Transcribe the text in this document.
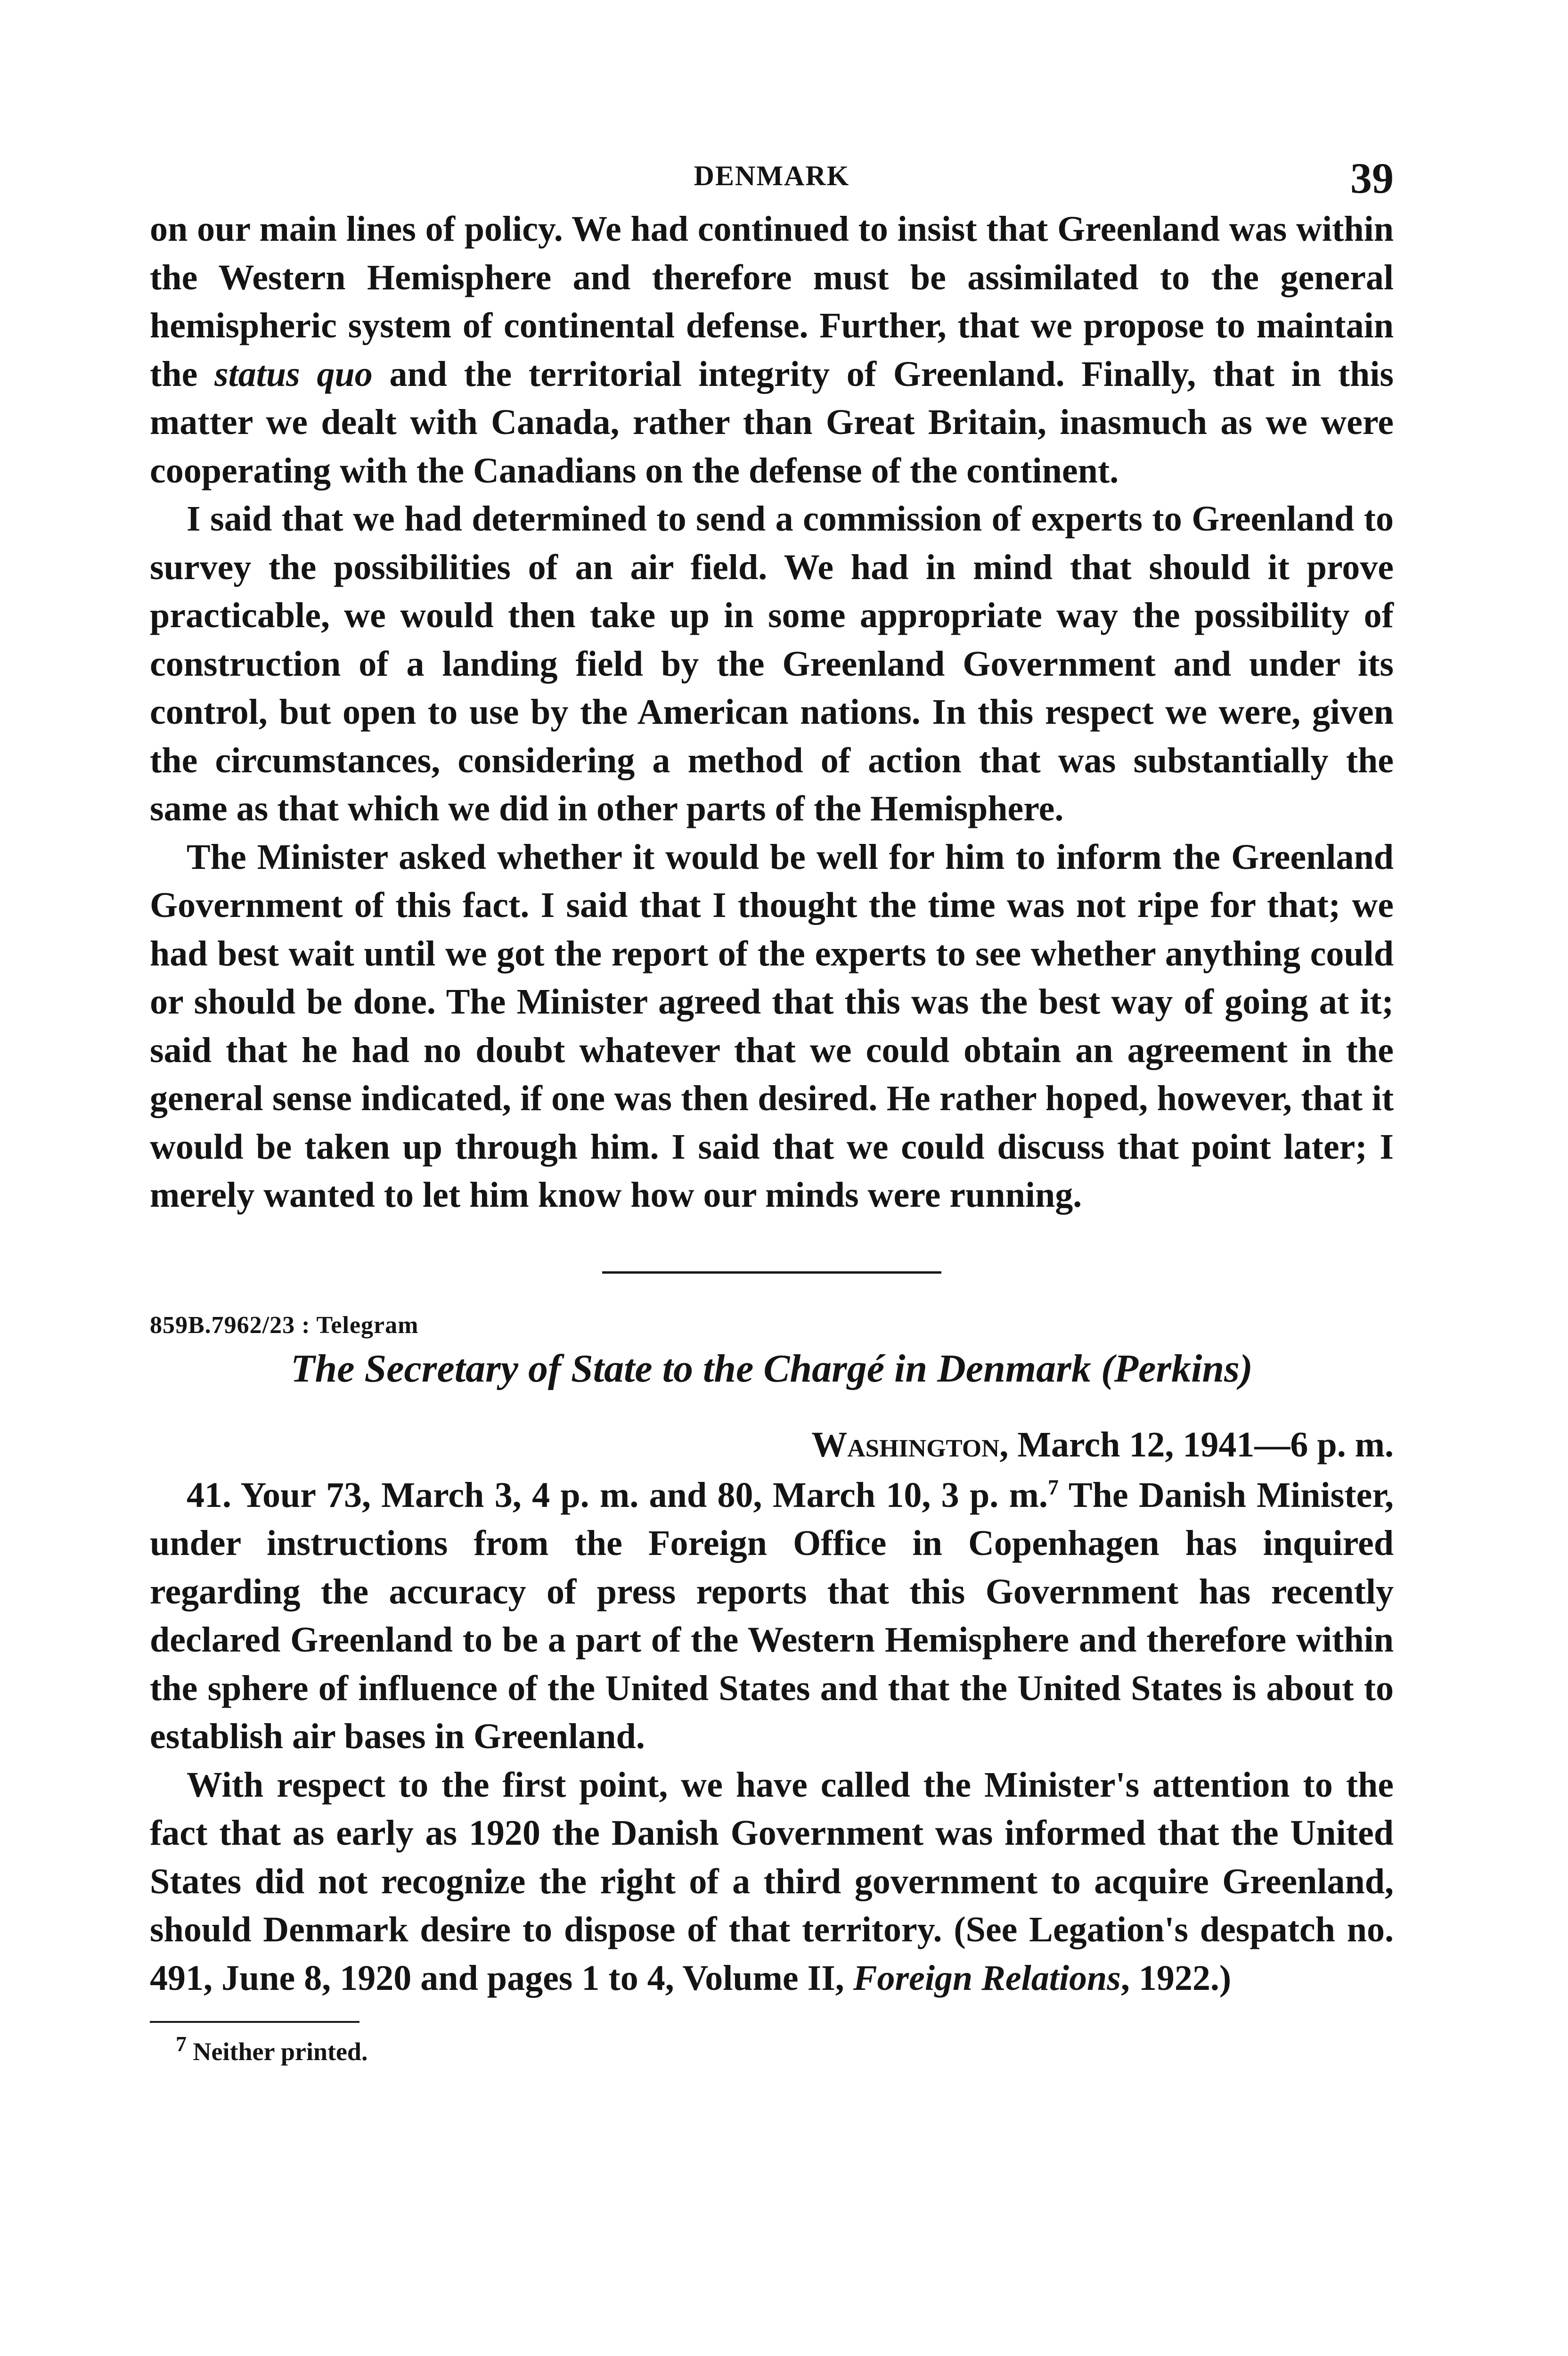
DENMARK	39

on our main lines of policy. We had continued to insist that Greenland was within the Western Hemisphere and therefore must be assimilated to the general hemispheric system of continental defense. Further, that we propose to maintain the status quo and the territorial integrity of Greenland. Finally, that in this matter we dealt with Canada, rather than Great Britain, inasmuch as we were cooperating with the Canadians on the defense of the continent.

I said that we had determined to send a commission of experts to Greenland to survey the possibilities of an air field. We had in mind that should it prove practicable, we would then take up in some appropriate way the possibility of construction of a landing field by the Greenland Government and under its control, but open to use by the American nations. In this respect we were, given the circumstances, considering a method of action that was substantially the same as that which we did in other parts of the Hemisphere.

The Minister asked whether it would be well for him to inform the Greenland Government of this fact. I said that I thought the time was not ripe for that; we had best wait until we got the report of the experts to see whether anything could or should be done. The Minister agreed that this was the best way of going at it; said that he had no doubt whatever that we could obtain an agreement in the general sense indicated, if one was then desired. He rather hoped, however, that it would be taken up through him. I said that we could discuss that point later; I merely wanted to let him know how our minds were running.

859B.7962/23 : Telegram
The Secretary of State to the Chargé in Denmark (Perkins)
Washington, March 12, 1941—6 p. m.

41. Your 73, March 3, 4 p. m. and 80, March 10, 3 p. m.$^7$ The Danish Minister, under instructions from the Foreign Office in Copenhagen has inquired regarding the accuracy of press reports that this Government has recently declared Greenland to be a part of the Western Hemisphere and therefore within the sphere of influence of the United States and that the United States is about to establish air bases in Greenland.

With respect to the first point, we have called the Minister's attention to the fact that as early as 1920 the Danish Government was informed that the United States did not recognize the right of a third government to acquire Greenland, should Denmark desire to dispose of that territory. (See Legation's despatch no. 491, June 8, 1920 and pages 1 to 4, Volume II, Foreign Relations, 1922.)

$^7$ Neither printed.
